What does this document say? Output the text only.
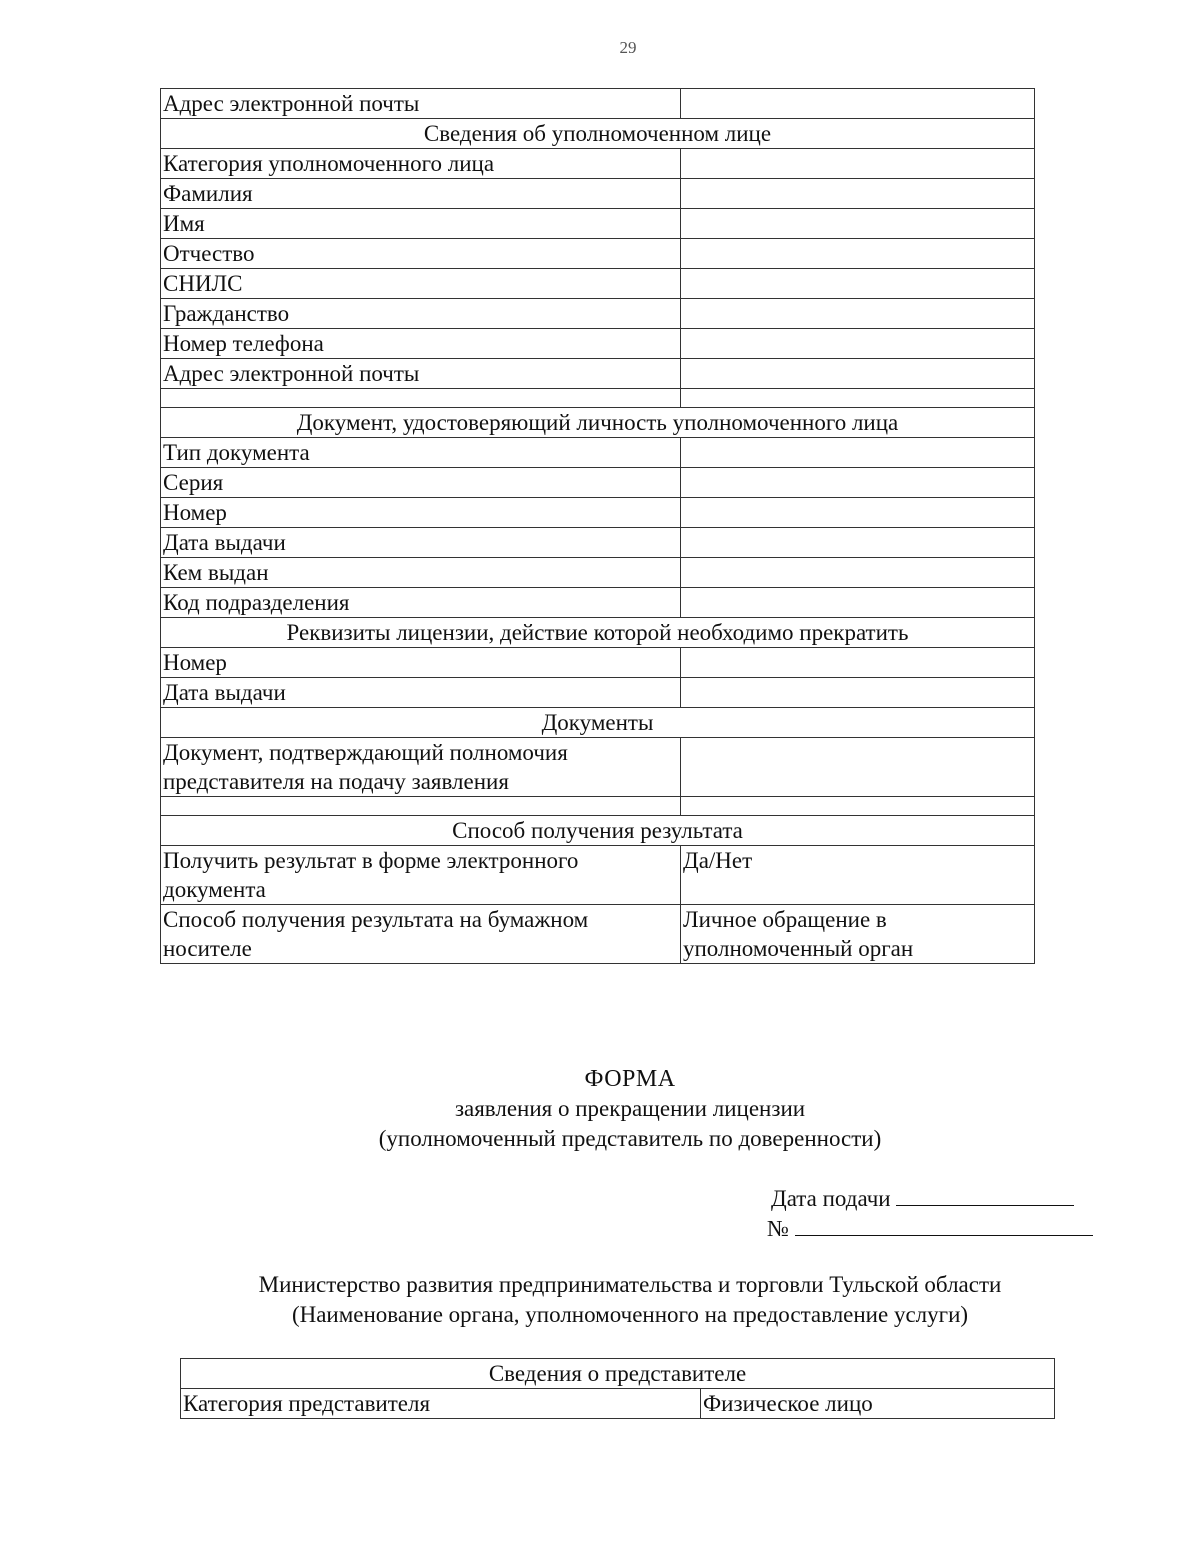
29
Адрес электронной почты	
Сведения об уполномоченном лице	
Категория уполномоченного лица	
Фамилия	
Имя	
Отчество	
СНИЛС	
Гражданство	
Номер телефона	
Адрес электронной почты	

Документ, удостоверяющий личность уполномоченного лица	
Тип документа	
Серия	
Номер	
Дата выдачи	
Кем выдан	
Код подразделения	
Реквизиты лицензии, действие которой необходимо прекратить	
Номер	
Дата выдачи	
Документы	
Документ, подтверждающий полномочия представителя на подачу заявления	

Способ получения результата	
Получить результат в форме электронного документа	Да/Нет
Способ получения результата на бумажном носителе	Личное обращение в уполномоченный орган
ФОРМА
заявления о прекращении лицензии
(уполномоченный представитель по доверенности)
Дата подачи
№
Министерство развития предпринимательства и торговли Тульской области
(Наименование органа, уполномоченного на предоставление услуги)
Сведения о представителе
Категория представителя	Физическое лицо
